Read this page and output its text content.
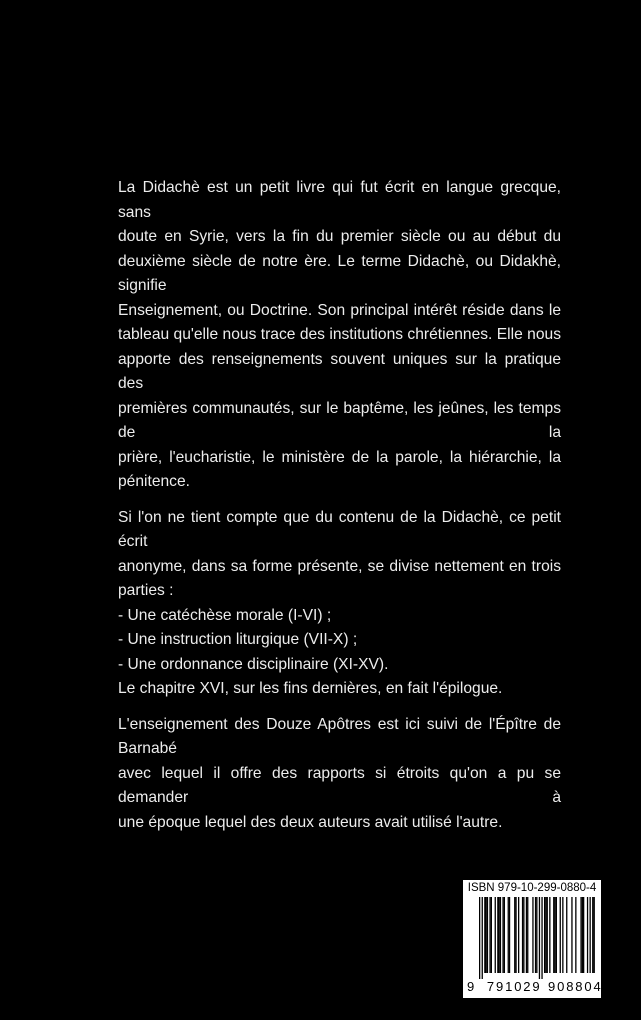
La Didachè est un petit livre qui fut écrit en langue grecque, sans
doute en Syrie, vers la fin du premier siècle ou au début du
deuxième siècle de notre ère. Le terme Didachè, ou Didakhè, signifie
Enseignement, ou Doctrine. Son principal intérêt réside dans le
tableau qu'elle nous trace des institutions chrétiennes. Elle nous
apporte des renseignements souvent uniques sur la pratique des
premières communautés, sur le baptême, les jeûnes, les temps de la
prière, l'eucharistie, le ministère de la parole, la hiérarchie, la
pénitence.
Si l'on ne tient compte que du contenu de la Didachè, ce petit écrit
anonyme, dans sa forme présente, se divise nettement en trois
parties :
- Une catéchèse morale (I-VI) ;
- Une instruction liturgique (VII-X) ;
- Une ordonnance disciplinaire (XI-XV).
Le chapitre XVI, sur les fins dernières, en fait l'épilogue.
L'enseignement des Douze Apôtres est ici suivi de l'Épître de Barnabé
avec lequel il offre des rapports si étroits qu'on a pu se demander à
une époque lequel des deux auteurs avait utilisé l'autre.
ISBN 979-10-299-0880-4
9 7 9 1 0 2 9 9 0 8 8 0 4
